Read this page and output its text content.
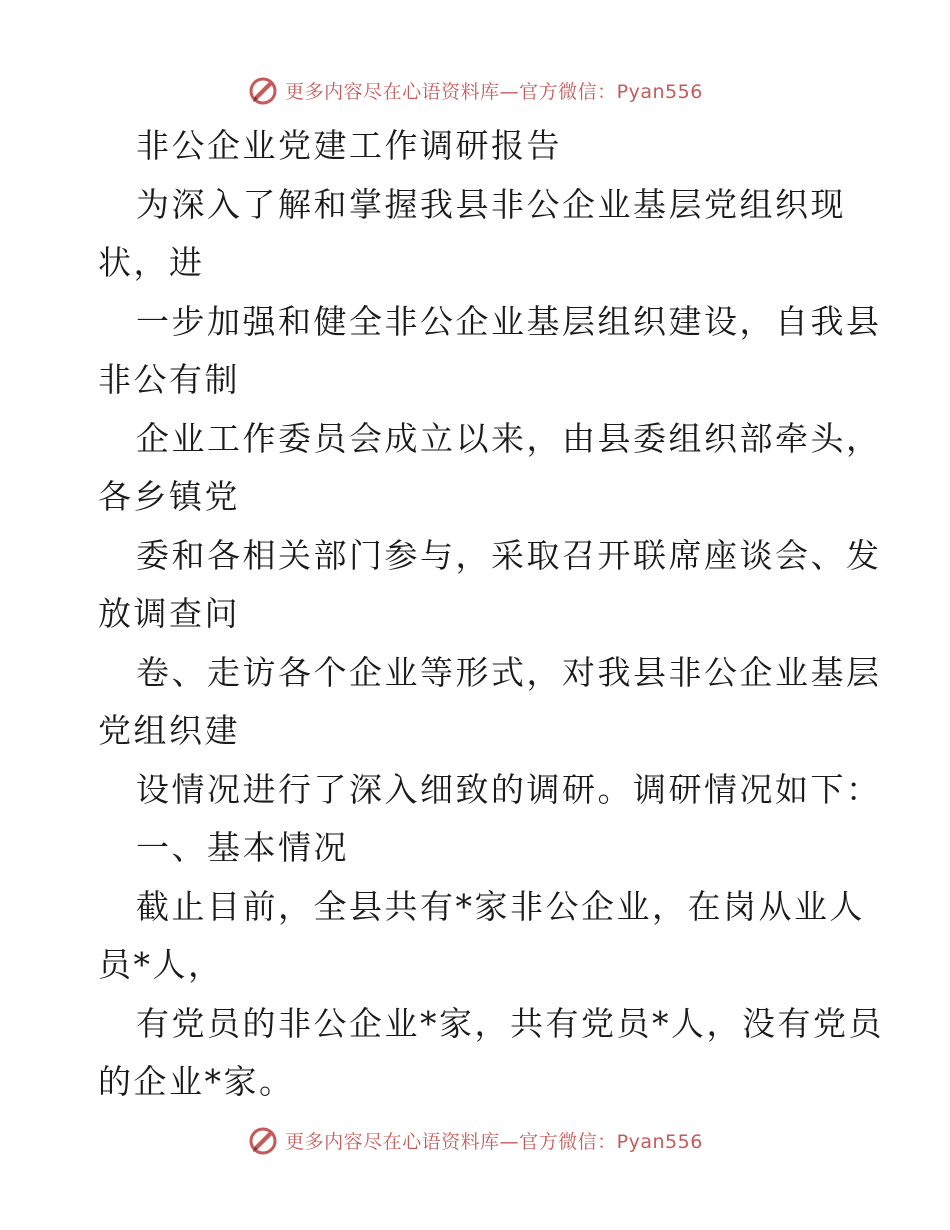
更多内容尽在心语资料库—官方微信：Pyan556
非公企业党建工作调研报告
为深入了解和掌握我县非公企业基层党组织现
状，进
一步加强和健全非公企业基层组织建设，自我县
非公有制
企业工作委员会成立以来，由县委组织部牵头，
各乡镇党
委和各相关部门参与，采取召开联席座谈会、发
放调查问
卷、走访各个企业等形式，对我县非公企业基层
党组织建
设情况进行了深入细致的调研。调研情况如下：
一、基本情况
截止目前，全县共有*家非公企业，在岗从业人
员*人，
有党员的非公企业*家，共有党员*人，没有党员
的企业*家。
更多内容尽在心语资料库—官方微信：Pyan556
